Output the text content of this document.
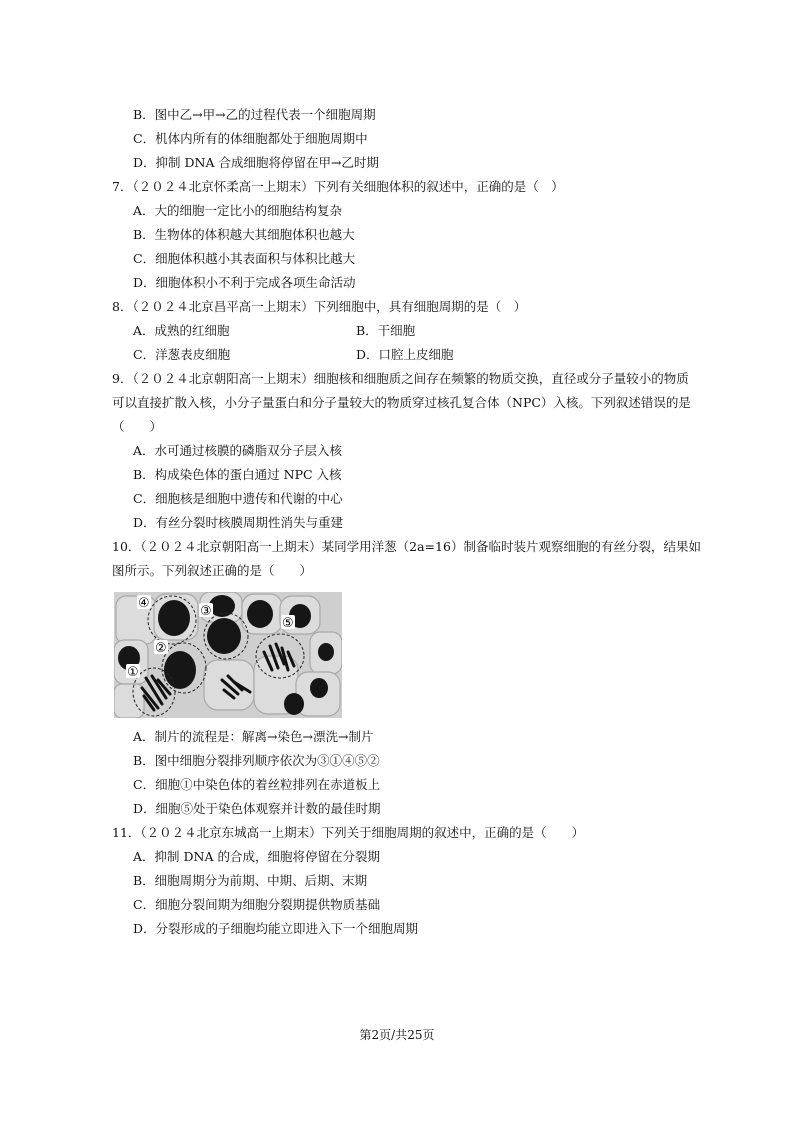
B．图中乙→甲→乙的过程代表一个细胞周期
C．机体内所有的体细胞都处于细胞周期中
D．抑制 DNA 合成细胞将停留在甲→乙时期
7．（２０２４北京怀柔高一上期末）下列有关细胞体积的叙述中，正确的是（　）
A．大的细胞一定比小的细胞结构复杂
B．生物体的体积越大其细胞体积也越大
C．细胞体积越小其表面积与体积比越大
D．细胞体积小不利于完成各项生命活动
8．（２０２４北京昌平高一上期末）下列细胞中，具有细胞周期的是（　）
A．成熟的红细胞	B．干细胞
C．洋葱表皮细胞	D．口腔上皮细胞
9．（２０２４北京朝阳高一上期末）细胞核和细胞质之间存在频繁的物质交换，直径或分子量较小的物质
可以直接扩散入核，小分子量蛋白和分子量较大的物质穿过核孔复合体（NPC）入核。下列叙述错误的是
（　　）
A．水可通过核膜的磷脂双分子层入核
B．构成染色体的蛋白通过 NPC 入核
C．细胞核是细胞中遗传和代谢的中心
D．有丝分裂时核膜周期性消失与重建
10．（２０２４北京朝阳高一上期末）某同学用洋葱（2a=16）制备临时装片观察细胞的有丝分裂，结果如
图所示。下列叙述正确的是（　　）
④
③
②
①
⑤
A．制片的流程是：解离→染色→漂洗→制片
B．图中细胞分裂排列顺序依次为③①④⑤②
C．细胞①中染色体的着丝粒排列在赤道板上
D．细胞⑤处于染色体观察并计数的最佳时期
11．（２０２４北京东城高一上期末）下列关于细胞周期的叙述中，正确的是（　　）
A．抑制 DNA 的合成，细胞将停留在分裂期
B．细胞周期分为前期、中期、后期、末期
C．细胞分裂间期为细胞分裂期提供物质基础
D．分裂形成的子细胞均能立即进入下一个细胞周期
第2页/共25页
